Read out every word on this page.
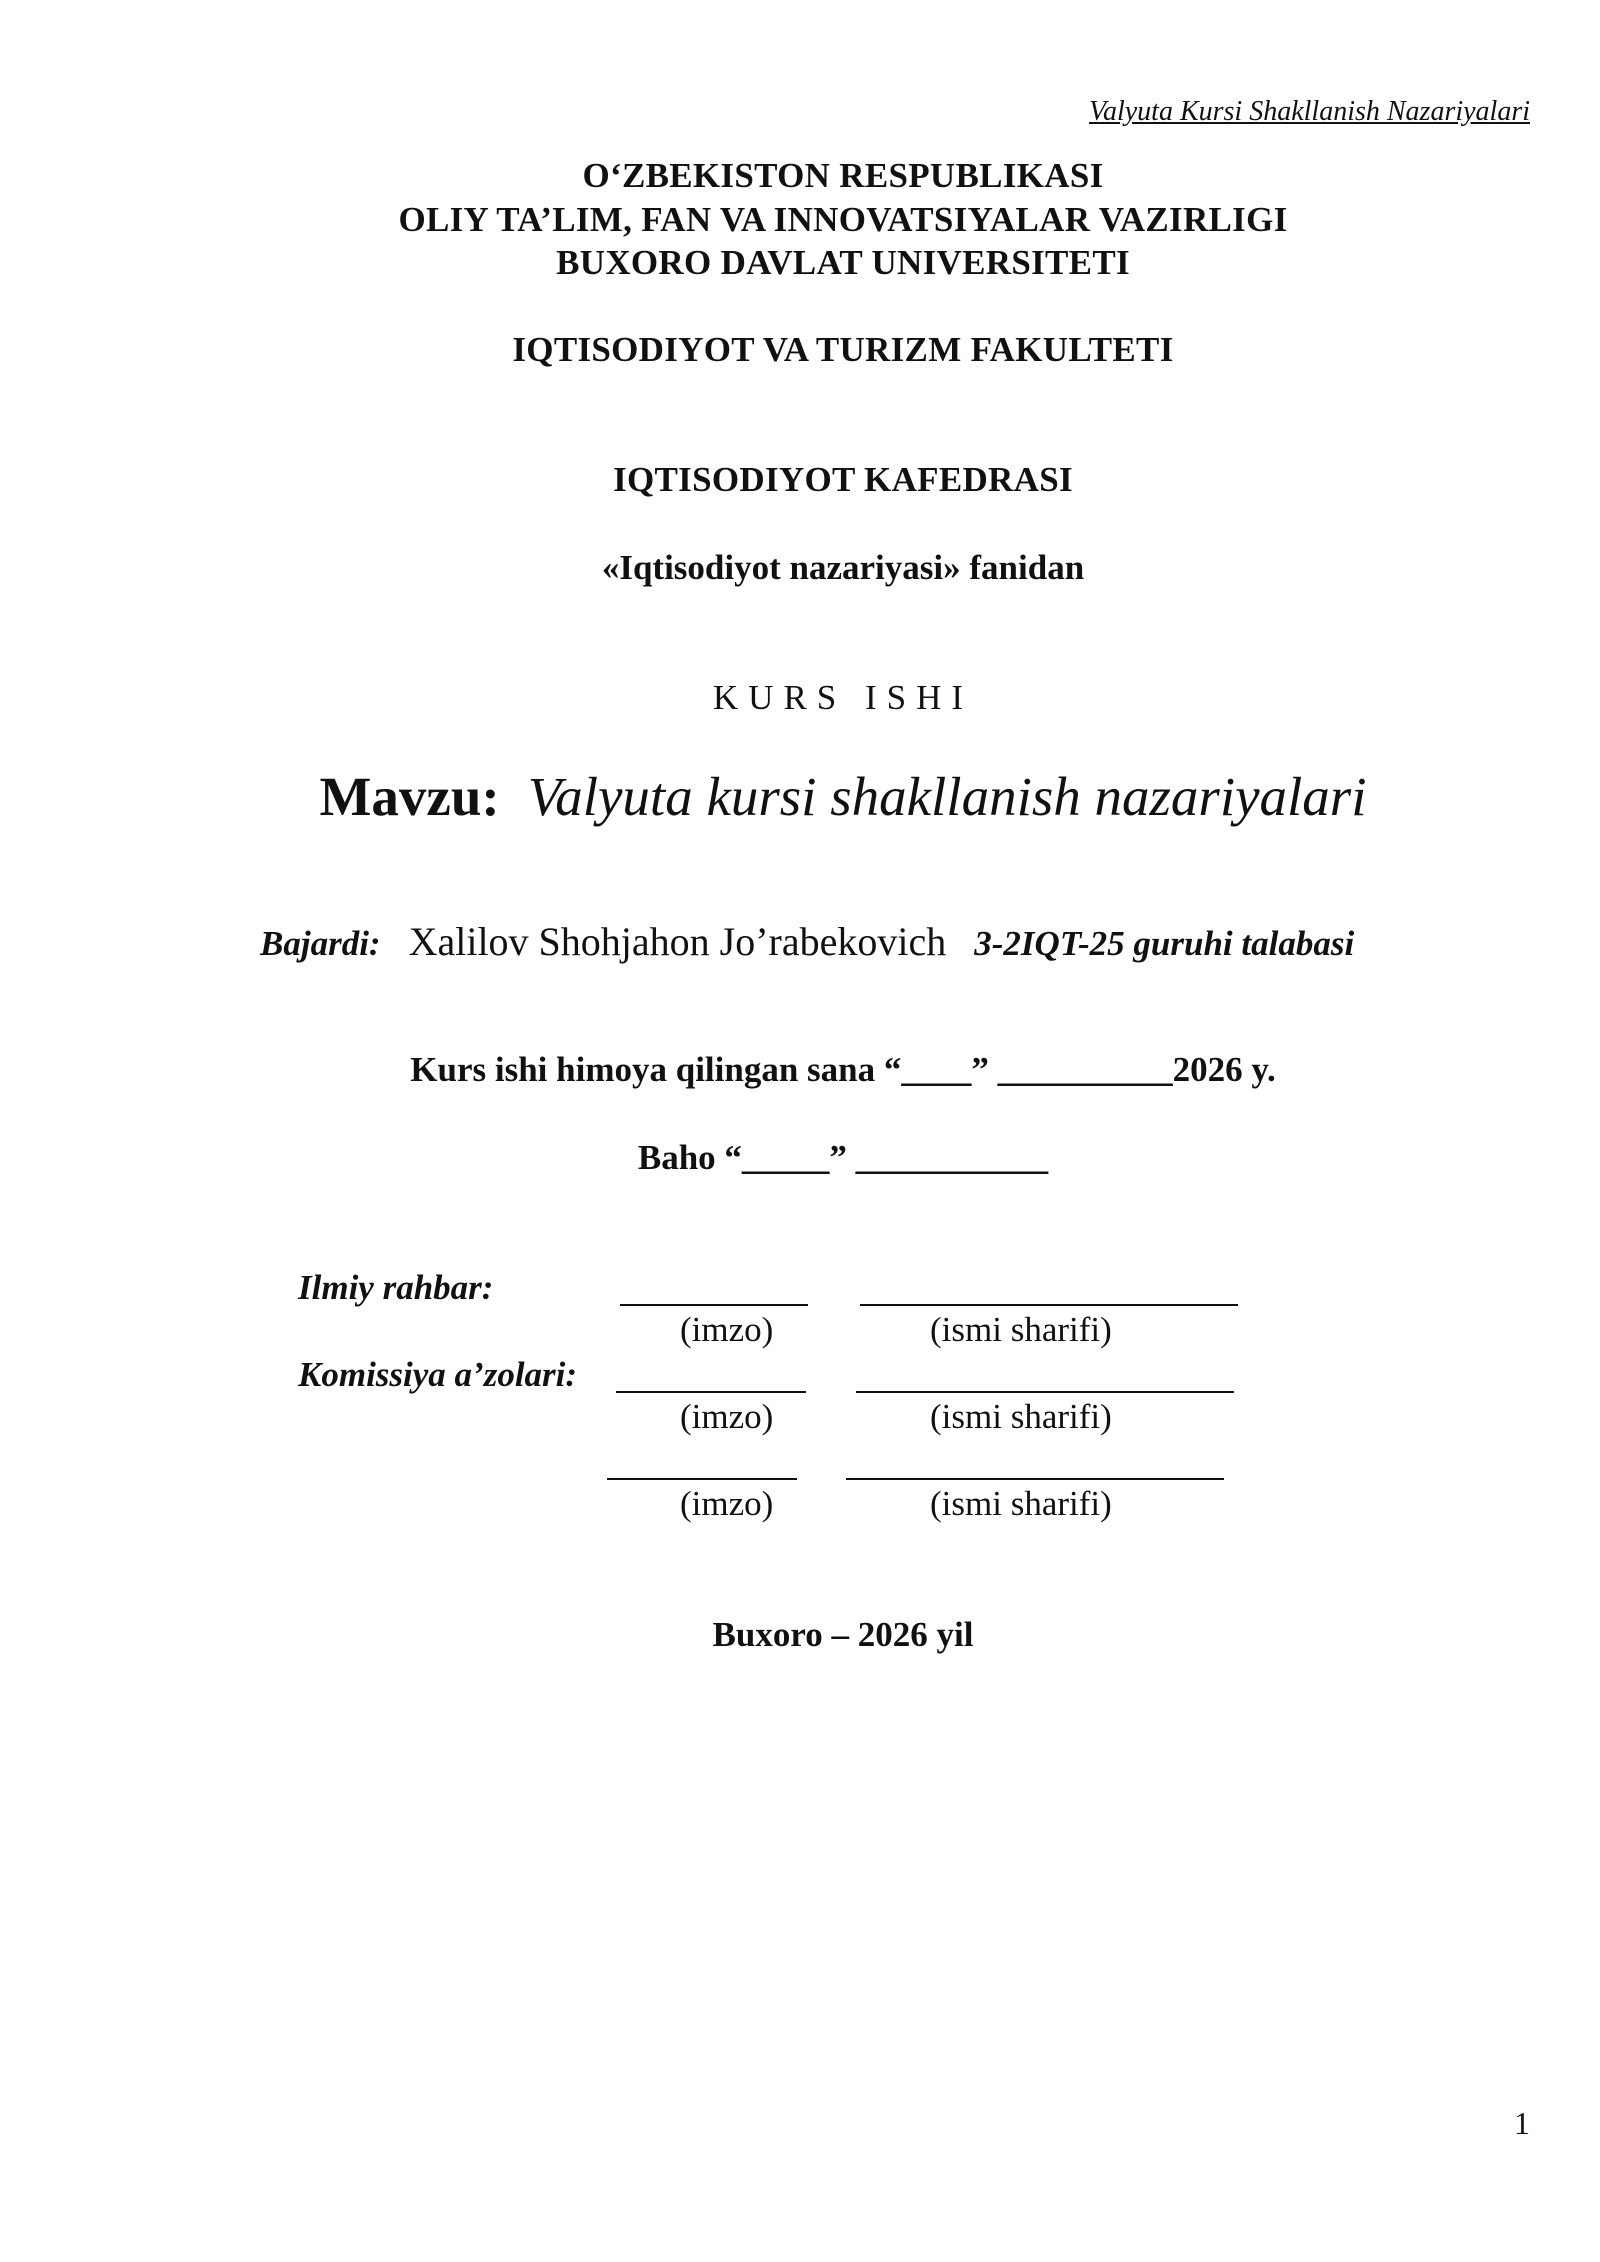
Valyuta Kursi Shakllanish Nazariyalari
O‘ZBEKISTON RESPUBLIKASI
OLIY TA’LIM, FAN VA INNOVATSIYALAR VAZIRLIGI
BUXORO DAVLAT UNIVERSITETI
IQTISODIYOT VA TURIZM FAKULTETI
IQTISODIYOT KAFEDRASI
«Iqtisodiyot nazariyasi» fanidan
KURS ISHI
Mavzu: Valyuta kursi shakllanish nazariyalari
Bajardi: Xalilov Shohjahon Jo’rabekovich 3-2IQT-25 guruhi talabasi
Kurs ishi himoya qilingan sana “____” __________2026 y.
Baho “_____” ___________
Ilmiy rahbar:
(imzo)	(ismi sharifi)
Komissiya a’zolari:
(imzo)	(ismi sharifi)
(imzo)	(ismi sharifi)
Buxoro – 2026 yil
1
